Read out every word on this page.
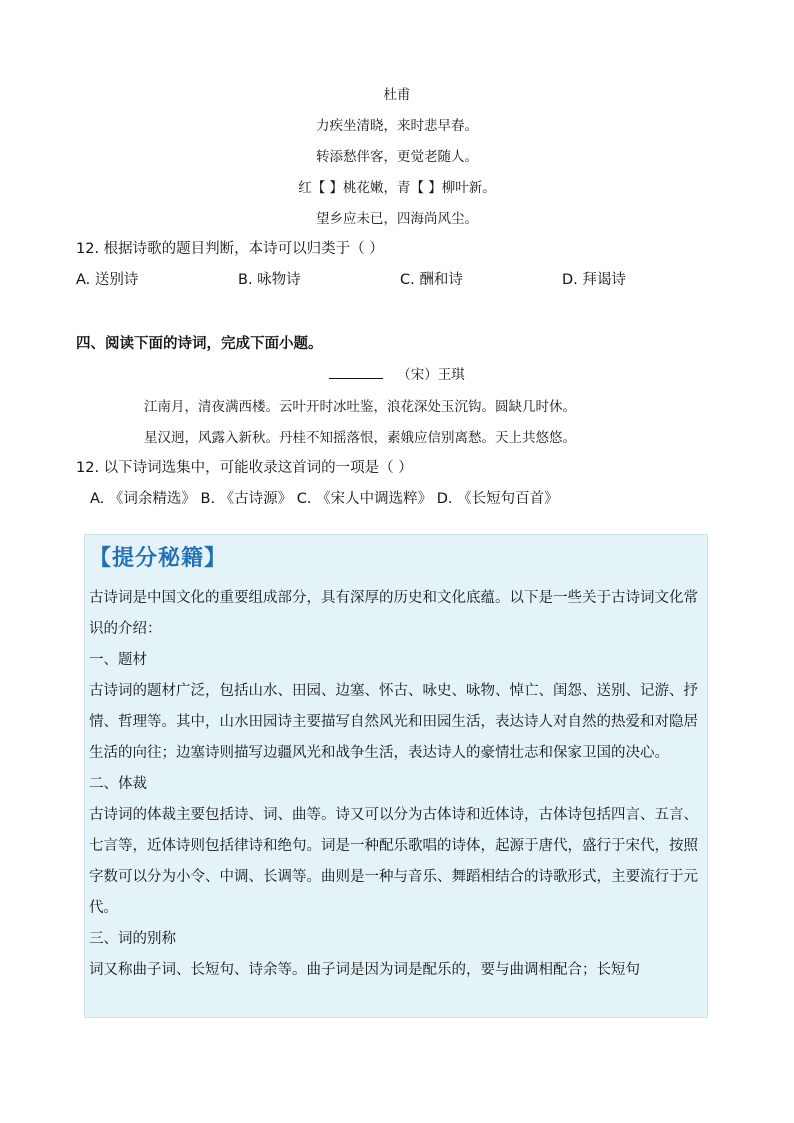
杜甫
力疾坐清晓，来时悲早春。
转添愁伴客，更觉老随人。
红【 】桃花嫩，青【 】柳叶新。
望乡应未已，四海尚风尘。
12. 根据诗歌的题目判断，本诗可以归类于（ ）
A. 送别诗	B. 咏物诗	C. 酬和诗	D. 拜谒诗
四、阅读下面的诗词，完成下面小题。
（宋）王琪
江南月，清夜满西楼。云叶开时冰吐鉴，浪花深处玉沉钩。圆缺几时休。
星汉迥，风露入新秋。丹桂不知摇落恨，素娥应信别离愁。天上共悠悠。
12. 以下诗词选集中，可能收录这首词的一项是（ ）
A. 《词余精选》 B. 《古诗源》 C. 《宋人中调选粹》 D. 《长短句百首》
【提分秘籍】

古诗词是中国文化的重要组成部分，具有深厚的历史和文化底蕴。以下是一些关于古诗词文化常识的介绍：

一、题材

古诗词的题材广泛，包括山水、田园、边塞、怀古、咏史、咏物、悼亡、闺怨、送别、记游、抒情、哲理等。其中，山水田园诗主要描写自然风光和田园生活，表达诗人对自然的热爱和对隐居生活的向往；边塞诗则描写边疆风光和战争生活，表达诗人的豪情壮志和保家卫国的决心。

二、体裁

古诗词的体裁主要包括诗、词、曲等。诗又可以分为古体诗和近体诗，古体诗包括四言、五言、七言等，近体诗则包括律诗和绝句。词是一种配乐歌唱的诗体，起源于唐代，盛行于宋代，按照字数可以分为小令、中调、长调等。曲则是一种与音乐、舞蹈相结合的诗歌形式，主要流行于元代。

三、词的别称

词又称曲子词、长短句、诗余等。曲子词是因为词是配乐的，要与曲调相配合；长短句
